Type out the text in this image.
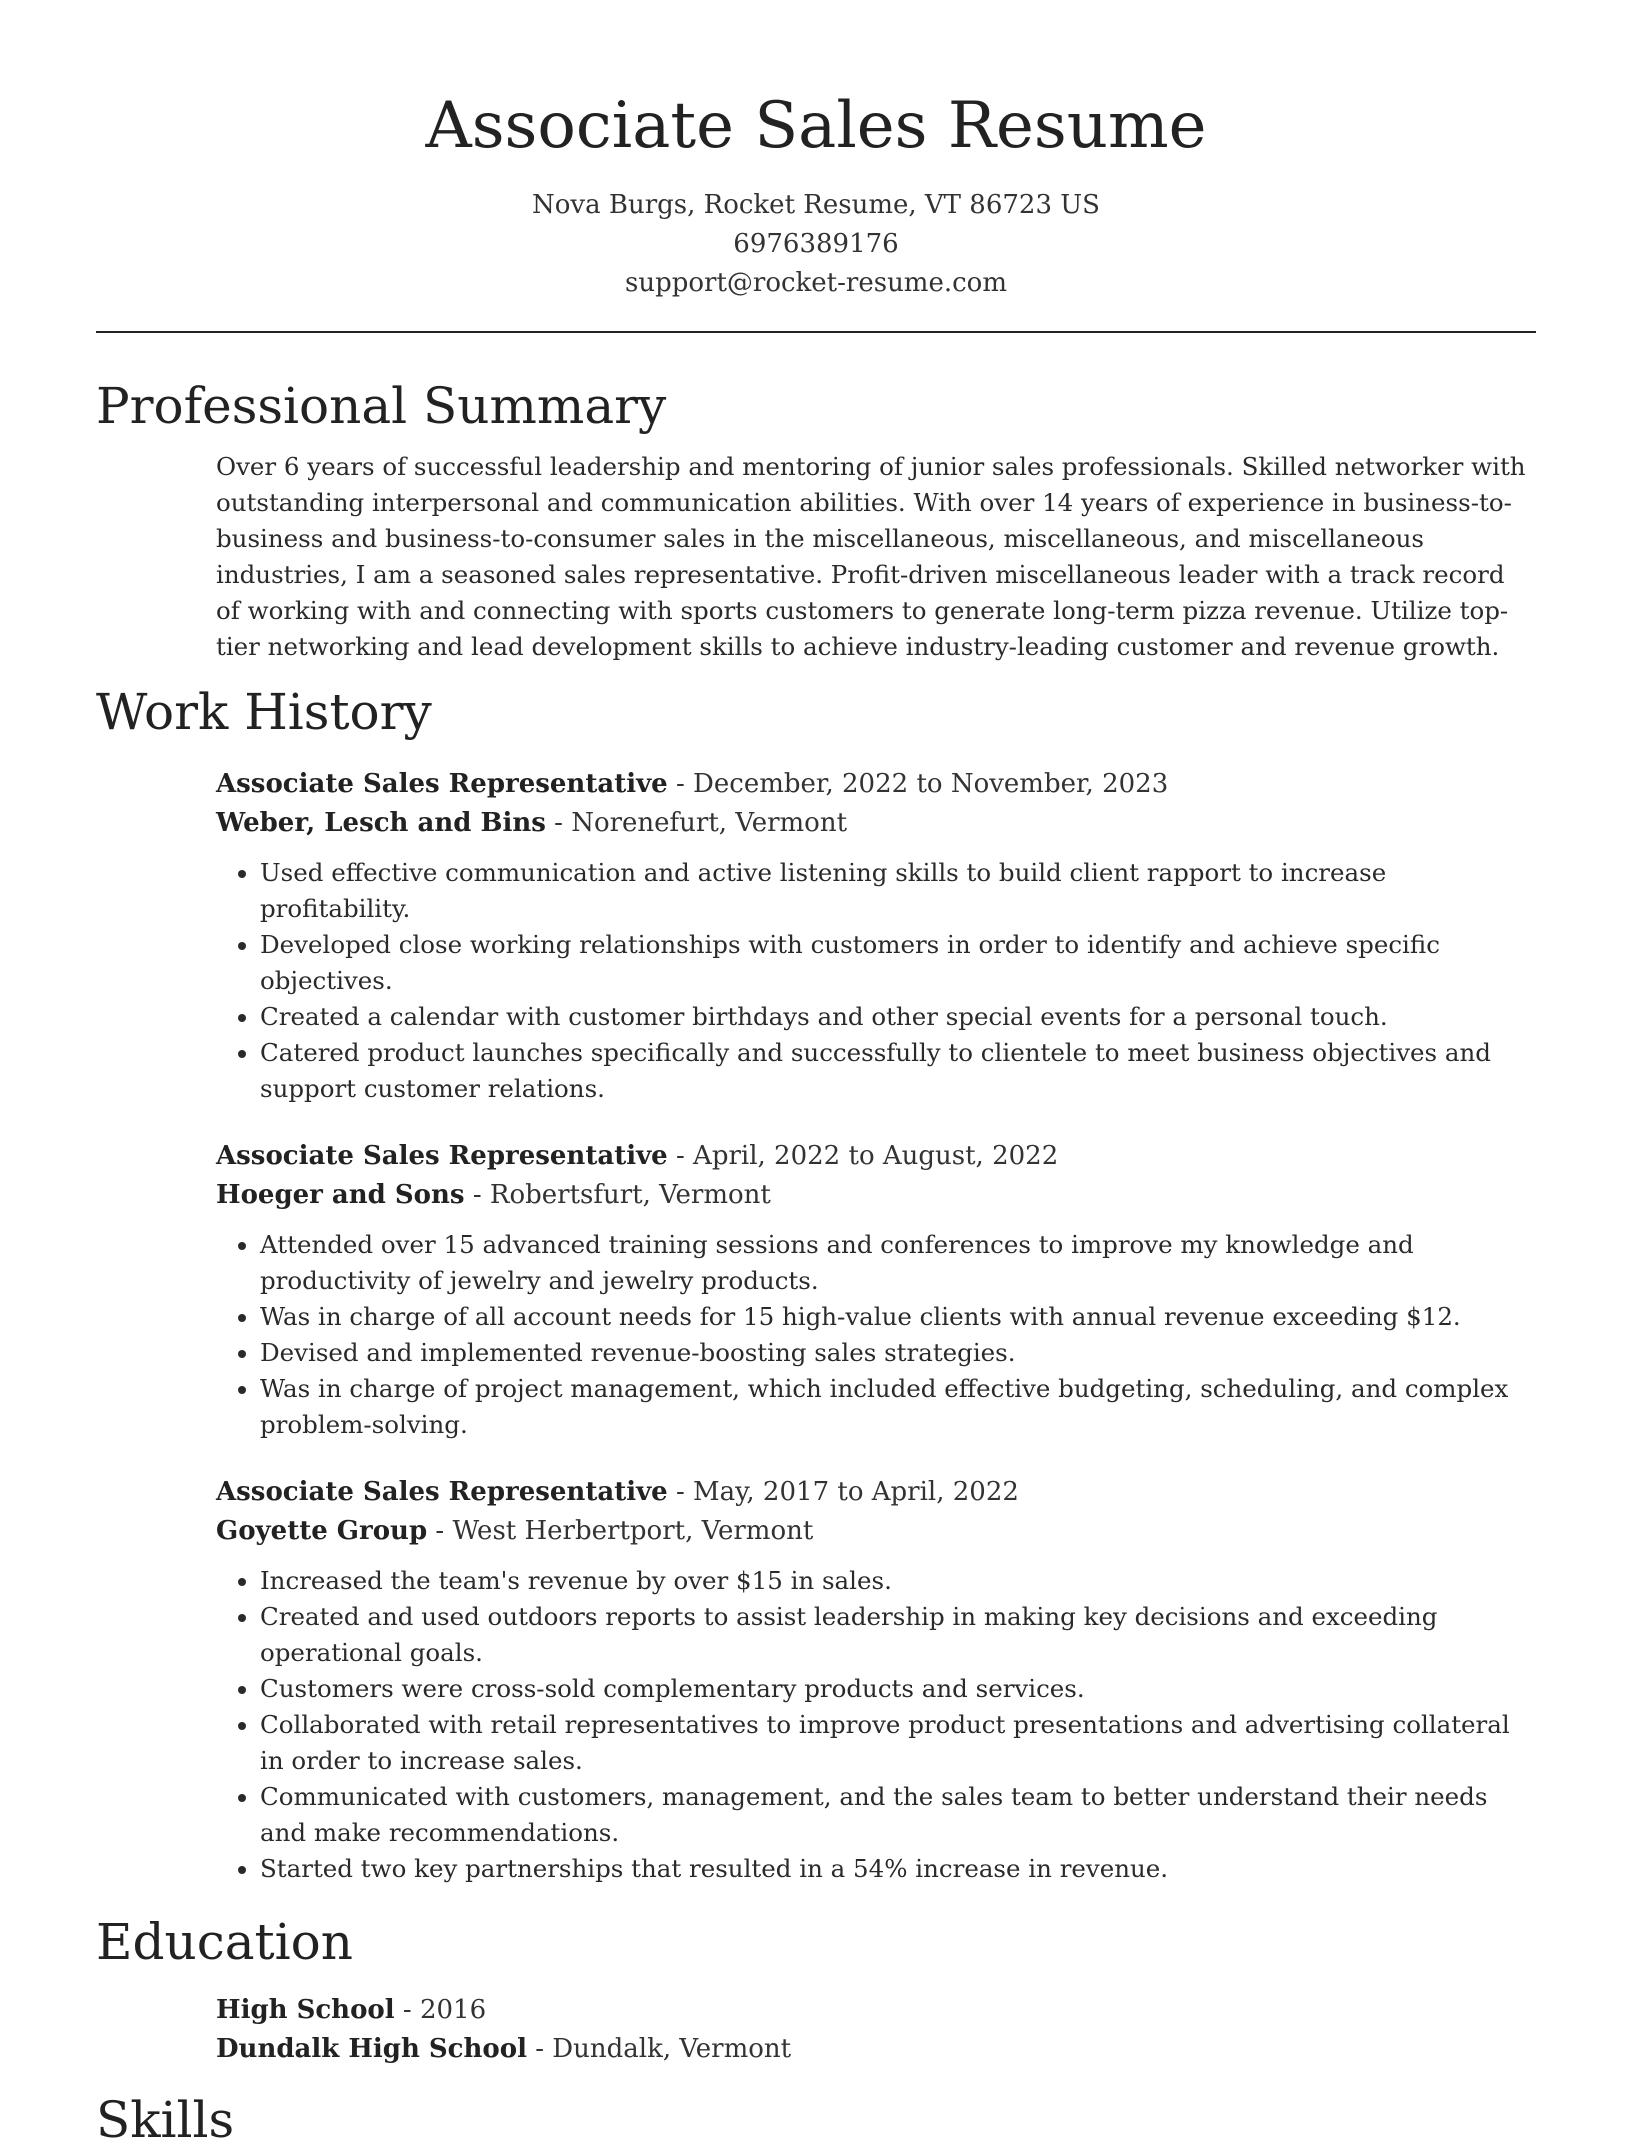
Associate Sales Resume
Nova Burgs, Rocket Resume, VT 86723 US
6976389176
support@rocket-resume.com
Professional Summary

Over 6 years of successful leadership and mentoring of junior sales professionals. Skilled networker with outstanding interpersonal and communication abilities. With over 14 years of experience in business-to-business and business-to-consumer sales in the miscellaneous, miscellaneous, and miscellaneous industries, I am a seasoned sales representative. Profit-driven miscellaneous leader with a track record of working with and connecting with sports customers to generate long-term pizza revenue. Utilize top-tier networking and lead development skills to achieve industry-leading customer and revenue growth.

Work History
Associate Sales Representative - December, 2022 to November, 2023
Weber, Lesch and Bins - Norenefurt, Vermont
• Used effective communication and active listening skills to build client rapport to increase profitability.
• Developed close working relationships with customers in order to identify and achieve specific objectives.
• Created a calendar with customer birthdays and other special events for a personal touch.
• Catered product launches specifically and successfully to clientele to meet business objectives and support customer relations.
Associate Sales Representative - April, 2022 to August, 2022
Hoeger and Sons - Robertsfurt, Vermont
• Attended over 15 advanced training sessions and conferences to improve my knowledge and productivity of jewelry and jewelry products.
• Was in charge of all account needs for 15 high-value clients with annual revenue exceeding $12.
• Devised and implemented revenue-boosting sales strategies.
• Was in charge of project management, which included effective budgeting, scheduling, and complex problem-solving.
Associate Sales Representative - May, 2017 to April, 2022
Goyette Group - West Herbertport, Vermont
• Increased the team's revenue by over $15 in sales.
• Created and used outdoors reports to assist leadership in making key decisions and exceeding operational goals.
• Customers were cross-sold complementary products and services.
• Collaborated with retail representatives to improve product presentations and advertising collateral in order to increase sales.
• Communicated with customers, management, and the sales team to better understand their needs and make recommendations.
• Started two key partnerships that resulted in a 54% increase in revenue.
Education
High School - 2016
Dundalk High School - Dundalk, Vermont
Skills
